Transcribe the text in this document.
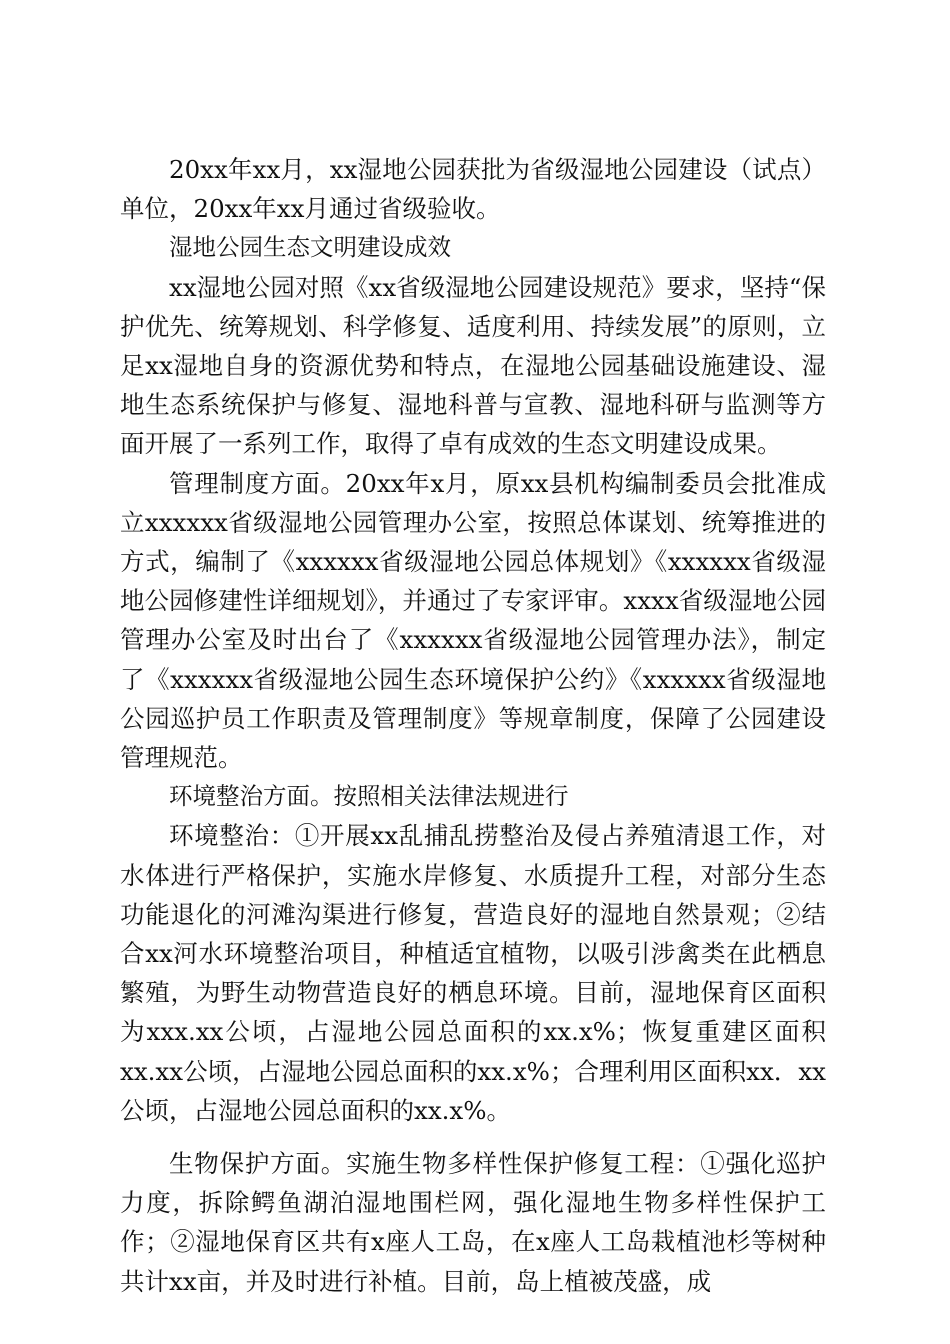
20xx年xx月，xx湿地公园获批为省级湿地公园建设（试点）单位，20xx年xx月通过省级验收。

湿地公园生态文明建设成效

xx湿地公园对照《xx省级湿地公园建设规范》要求，坚持“保护优先、统筹规划、科学修复、适度利用、持续发展”的原则，立足xx湿地自身的资源优势和特点，在湿地公园基础设施建设、湿地生态系统保护与修复、湿地科普与宣教、湿地科研与监测等方面开展了一系列工作，取得了卓有成效的生态文明建设成果。

管理制度方面。20xx年x月，原xx县机构编制委员会批准成立xxxxxx省级湿地公园管理办公室，按照总体谋划、统筹推进的方式，编制了《xxxxxx省级湿地公园总体规划》《xxxxxx省级湿地公园修建性详细规划》，并通过了专家评审。xxxx省级湿地公园管理办公室及时出台了《xxxxxx省级湿地公园管理办法》，制定了《xxxxxx省级湿地公园生态环境保护公约》《xxxxxx省级湿地公园巡护员工作职责及管理制度》等规章制度，保障了公园建设管理规范。

环境整治方面。按照相关法律法规进行

环境整治：①开展xx乱捕乱捞整治及侵占养殖清退工作，对水体进行严格保护，实施水岸修复、水质提升工程，对部分生态功能退化的河滩沟渠进行修复，营造良好的湿地自然景观；②结合xx河水环境整治项目，种植适宜植物，以吸引涉禽类在此栖息繁殖，为野生动物营造良好的栖息环境。目前，湿地保育区面积为xxx.xx公顷，占湿地公园总面积的xx.x%；恢复重建区面积xx.xx公顷，占湿地公园总面积的xx.x%；合理利用区面积xx．xx公顷，占湿地公园总面积的xx.x%。

生物保护方面。实施生物多样性保护修复工程：①强化巡护力度，拆除鳄鱼湖泊湿地围栏网，强化湿地生物多样性保护工作；②湿地保育区共有x座人工岛，在x座人工岛栽植池杉等树种共计xx亩，并及时进行补植。目前，岛上植被茂盛，成
